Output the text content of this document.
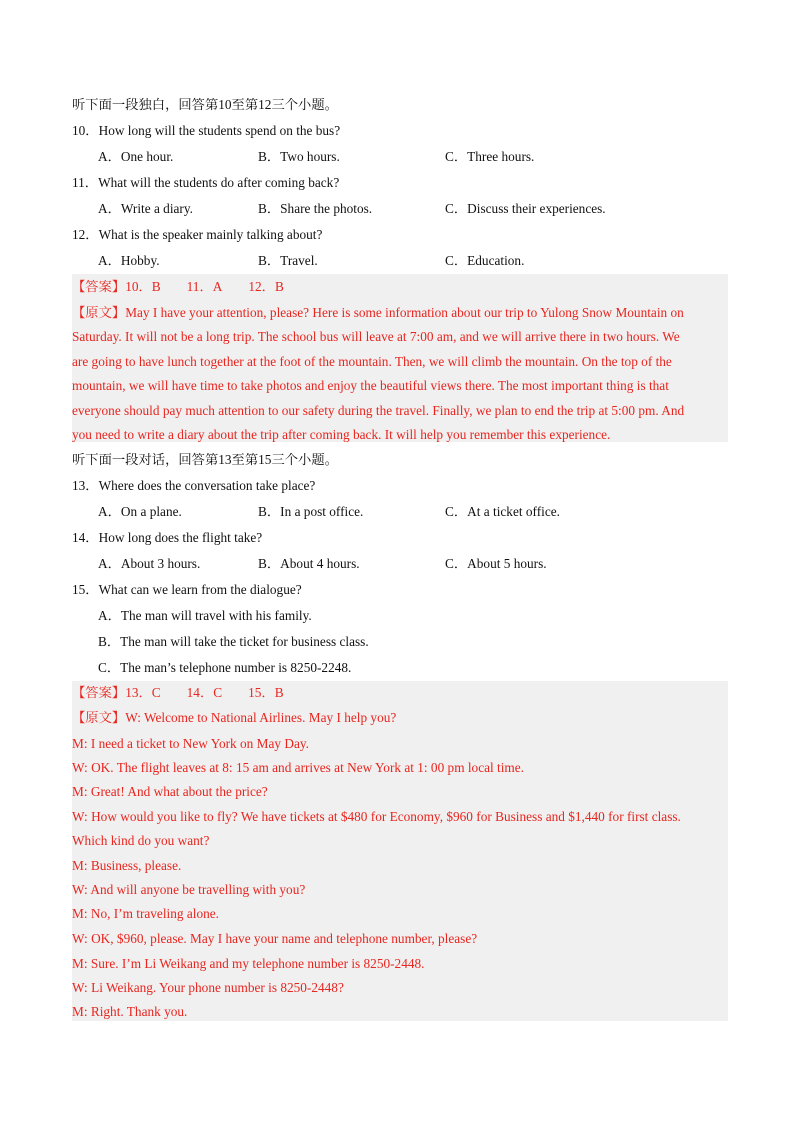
听下面一段独白，回答第10至第12三个小题。
10．How long will the students spend on the bus?
A．One hour.	B．Two hours.	C．Three hours.
11．What will the students do after coming back?
A．Write a diary.	B．Share the photos.	C．Discuss their experiences.
12．What is the speaker mainly talking about?
A．Hobby.	B．Travel.	C．Education.
【答案】10．B 11．A 12．B
【原文】May I have your attention, please? Here is some information about our trip to Yulong Snow Mountain on
Saturday. It will not be a long trip. The school bus will leave at 7:00 am, and we will arrive there in two hours. We
are going to have lunch together at the foot of the mountain. Then, we will climb the mountain. On the top of the
mountain, we will have time to take photos and enjoy the beautiful views there. The most important thing is that
everyone should pay much attention to our safety during the travel. Finally, we plan to end the trip at 5:00 pm. And
you need to write a diary about the trip after coming back. It will help you remember this experience.
听下面一段对话，回答第13至第15三个小题。
13．Where does the conversation take place?
A．On a plane.	B．In a post office.	C．At a ticket office.
14．How long does the flight take?
A．About 3 hours.	B．About 4 hours.	C．About 5 hours.
15．What can we learn from the dialogue?
A．The man will travel with his family.
B．The man will take the ticket for business class.
C．The man’s telephone number is 8250-2248.
【答案】13．C 14．C 15．B
【原文】W: Welcome to National Airlines. May I help you?
M: I need a ticket to New York on May Day.
W: OK. The flight leaves at 8: 15 am and arrives at New York at 1: 00 pm local time.
M: Great! And what about the price?
W: How would you like to fly? We have tickets at $480 for Economy, $960 for Business and $1,440 for first class.
Which kind do you want?
M: Business, please.
W: And will anyone be travelling with you?
M: No, I’m traveling alone.
W: OK, $960, please. May I have your name and telephone number, please?
M: Sure. I’m Li Weikang and my telephone number is 8250-2448.
W: Li Weikang. Your phone number is 8250-2448?
M: Right. Thank you.
